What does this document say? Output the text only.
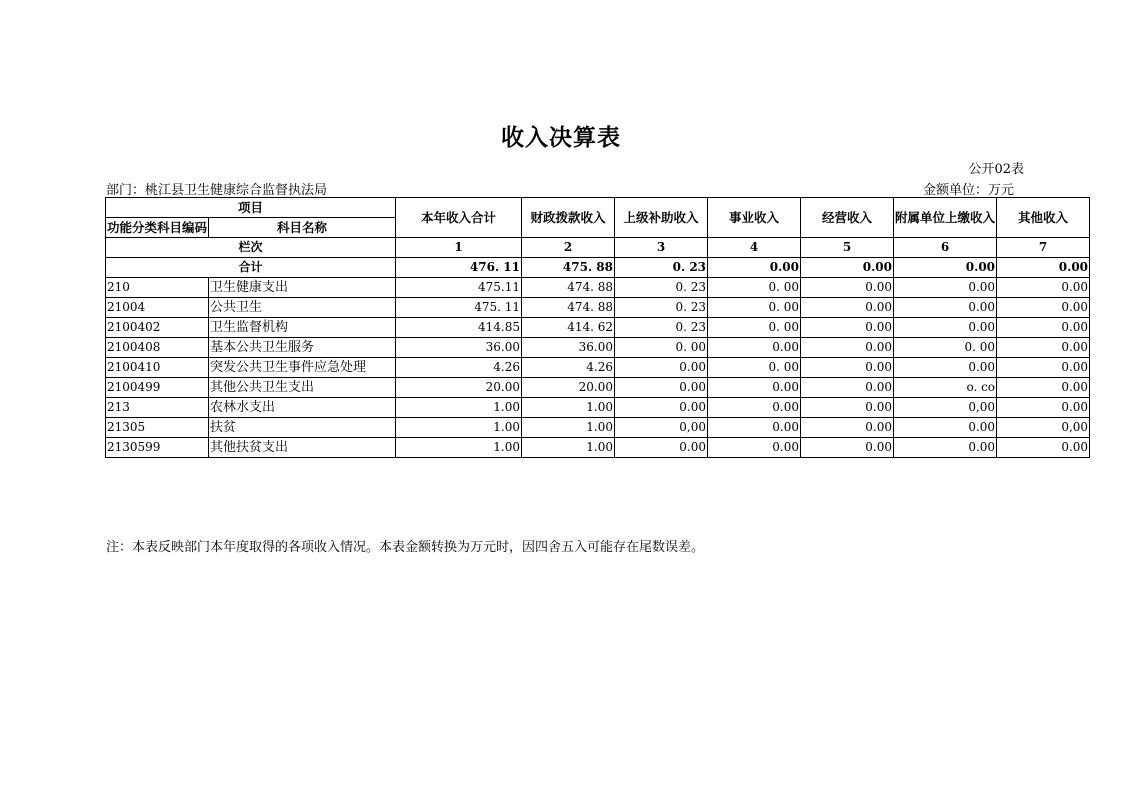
收入决算表
公开02表
部门：桃江县卫生健康综合监督执法局	金额单位：万元
项目		本年收入合计	财政拨款收入	上级补助收入	事业收入	经营收入	附属单位上缴收入	其他收入
功能分类科目编码	科目名称							
栏次		1	2	3	4	5	6	7
合计		476. 11	475. 88	0. 23	0.00	0.00	0.00	0.00
210	卫生健康支出	475.11	474. 88	0. 23	0. 00	0.00	0.00	0.00
21004	公共卫生	475. 11	474. 88	0. 23	0. 00	0.00	0.00	0.00
2100402	卫生监督机构	414.85	414. 62	0. 23	0. 00	0.00	0.00	0.00
2100408	基本公共卫生服务	36.00	36.00	0. 00	0.00	0.00	0. 00	0.00
2100410	突发公共卫生事件应急处理	4.26	4.26	0.00	0. 00	0.00	0.00	0.00
2100499	其他公共卫生支出	20.00	20.00	0.00	0.00	0.00	o. co	0.00
213	农林水支出	1.00	1.00	0.00	0.00	0.00	0,00	0.00
21305	扶贫	1.00	1.00	0,00	0.00	0.00	0.00	0,00
2130599	其他扶贫支出	1.00	1.00	0.00	0.00	0.00	0.00	0.00
注：本表反映部门本年度取得的各项收入情况。本表金额转换为万元时，因四舍五入可能存在尾数误差。
